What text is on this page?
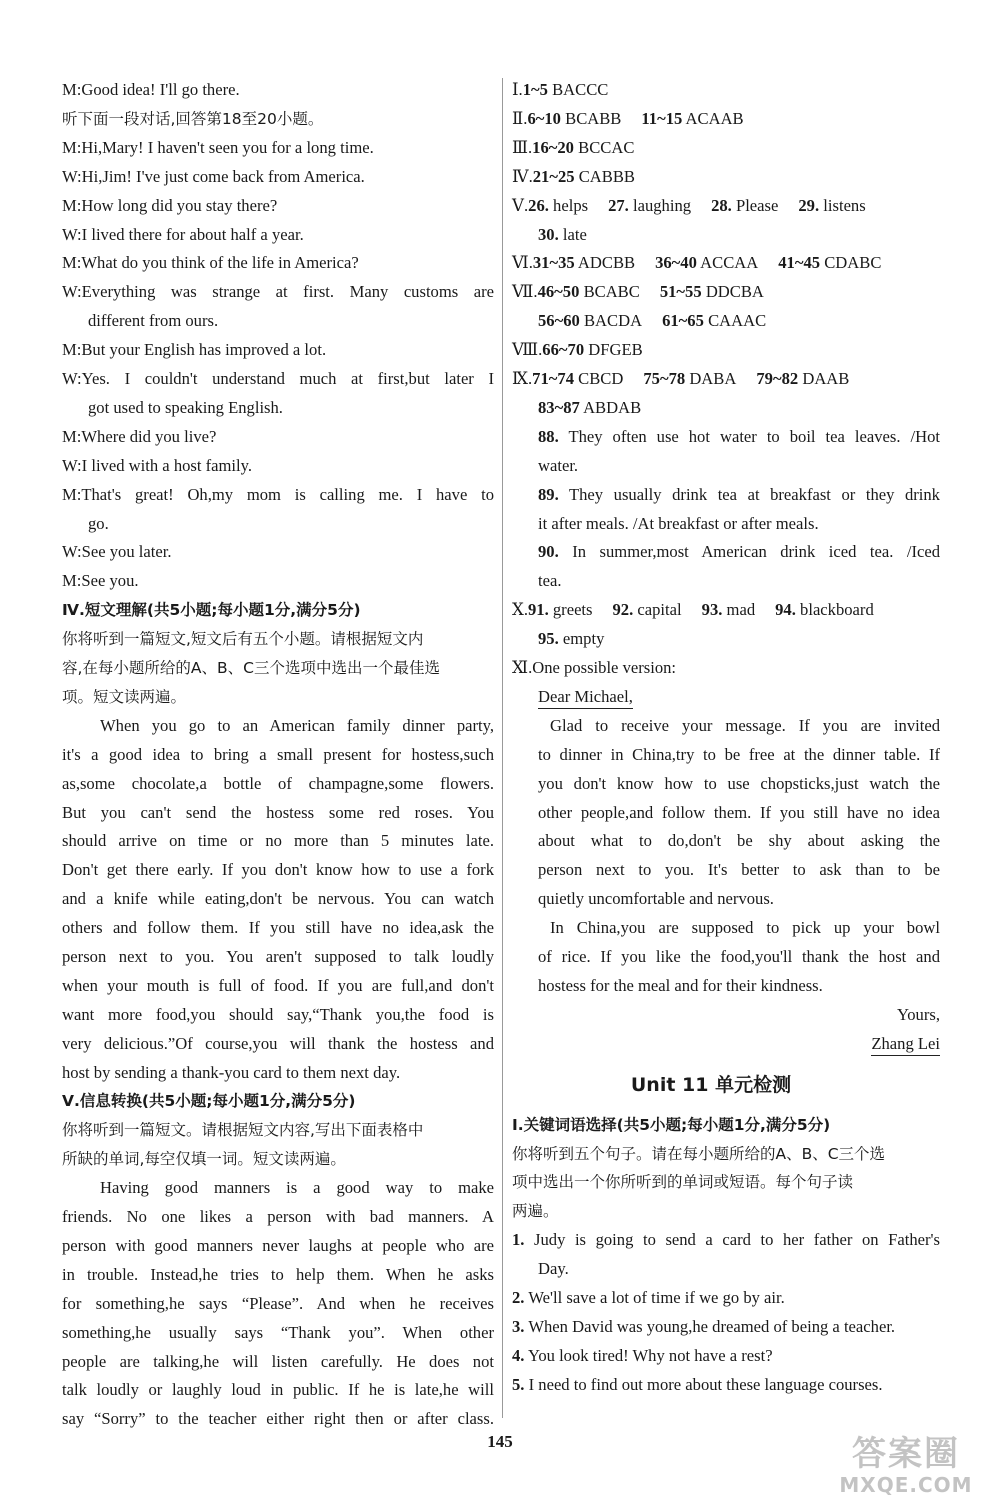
M:Good idea! I'll go there.
听下面一段对话,回答第18至20小题。
M:Hi,Mary! I haven't seen you for a long time.
W:Hi,Jim! I've just come back from America.
M:How long did you stay there?
W:I lived there for about half a year.
M:What do you think of the life in America?
W:Everything was strange at first. Many customs are
different from ours.
M:But your English has improved a lot.
W:Yes. I couldn't understand much at first,but later I
got used to speaking English.
M:Where did you live?
W:I lived with a host family.
M:That's great! Oh,my mom is calling me. I have to
go.
W:See you later.
M:See you.
Ⅳ.短文理解(共5小题;每小题1分,满分5分)
你将听到一篇短文,短文后有五个小题。请根据短文内
容,在每小题所给的A、B、C三个选项中选出一个最佳选
项。短文读两遍。
When you go to an American family dinner party,
it's a good idea to bring a small present for hostess,such
as,some chocolate,a bottle of champagne,some flowers.
But you can't send the hostess some red roses. You
should arrive on time or no more than 5 minutes late.
Don't get there early. If you don't know how to use a fork
and a knife while eating,don't be nervous. You can watch
others and follow them. If you still have no idea,ask the
person next to you. You aren't supposed to talk loudly
when your mouth is full of food. If you are full,and don't
want more food,you should say,“Thank you,the food is
very delicious.”Of course,you will thank the hostess and
host by sending a thank-you card to them next day.
Ⅴ.信息转换(共5小题;每小题1分,满分5分)
你将听到一篇短文。请根据短文内容,写出下面表格中
所缺的单词,每空仅填一词。短文读两遍。
Having good manners is a good way to make
friends. No one likes a person with bad manners. A
person with good manners never laughs at people who are
in trouble. Instead,he tries to help them. When he asks
for something,he says “Please”. And when he receives
something,he usually says “Thank you”. When other
people are talking,he will listen carefully. He does not
talk loudly or laughly loud in public. If he is late,he will
say “Sorry” to the teacher either right then or after class.
Ⅰ.1~5 BACCC
Ⅱ.6~10 BCABB 11~15 ACAAB
Ⅲ.16~20 BCCAC
Ⅳ.21~25 CABBB
Ⅴ.26. helps 27. laughing 28. Please 29. listens
30. late
Ⅵ.31~35 ADCBB 36~40 ACCAA 41~45 CDABC
Ⅶ.46~50 BCABC 51~55 DDCBA
56~60 BACDA 61~65 CAAAC
Ⅷ.66~70 DFGEB
Ⅸ.71~74 CBCD 75~78 DABA 79~82 DAAB
83~87 ABDAB
88. They often use hot water to boil tea leaves. /Hot
water.
89. They usually drink tea at breakfast or they drink
it after meals. /At breakfast or after meals.
90. In summer,most American drink iced tea. /Iced
tea.
Ⅹ.91. greets 92. capital 93. mad 94. blackboard
95. empty
Ⅺ.One possible version:
Dear Michael,
Glad to receive your message. If you are invited
to dinner in China,try to be free at the dinner table. If
you don't know how to use chopsticks,just watch the
other people,and follow them. If you still have no idea
about what to do,don't be shy about asking the
person next to you. It's better to ask than to be
quietly uncomfortable and nervous.
In China,you are supposed to pick up your bowl
of rice. If you like the food,you'll thank the host and
hostess for the meal and for their kindness.
Yours,
Zhang Lei
Unit 11 单元检测
Ⅰ.关键词语选择(共5小题;每小题1分,满分5分)
你将听到五个句子。请在每小题所给的A、B、C三个选
项中选出一个你所听到的单词或短语。每个句子读
两遍。
1. Judy is going to send a card to her father on Father's
Day.
2. We'll save a lot of time if we go by air.
3. When David was young,he dreamed of being a teacher.
4. You look tired! Why not have a rest?
5. I need to find out more about these language courses.
145	答案圈
MXQE.COM
